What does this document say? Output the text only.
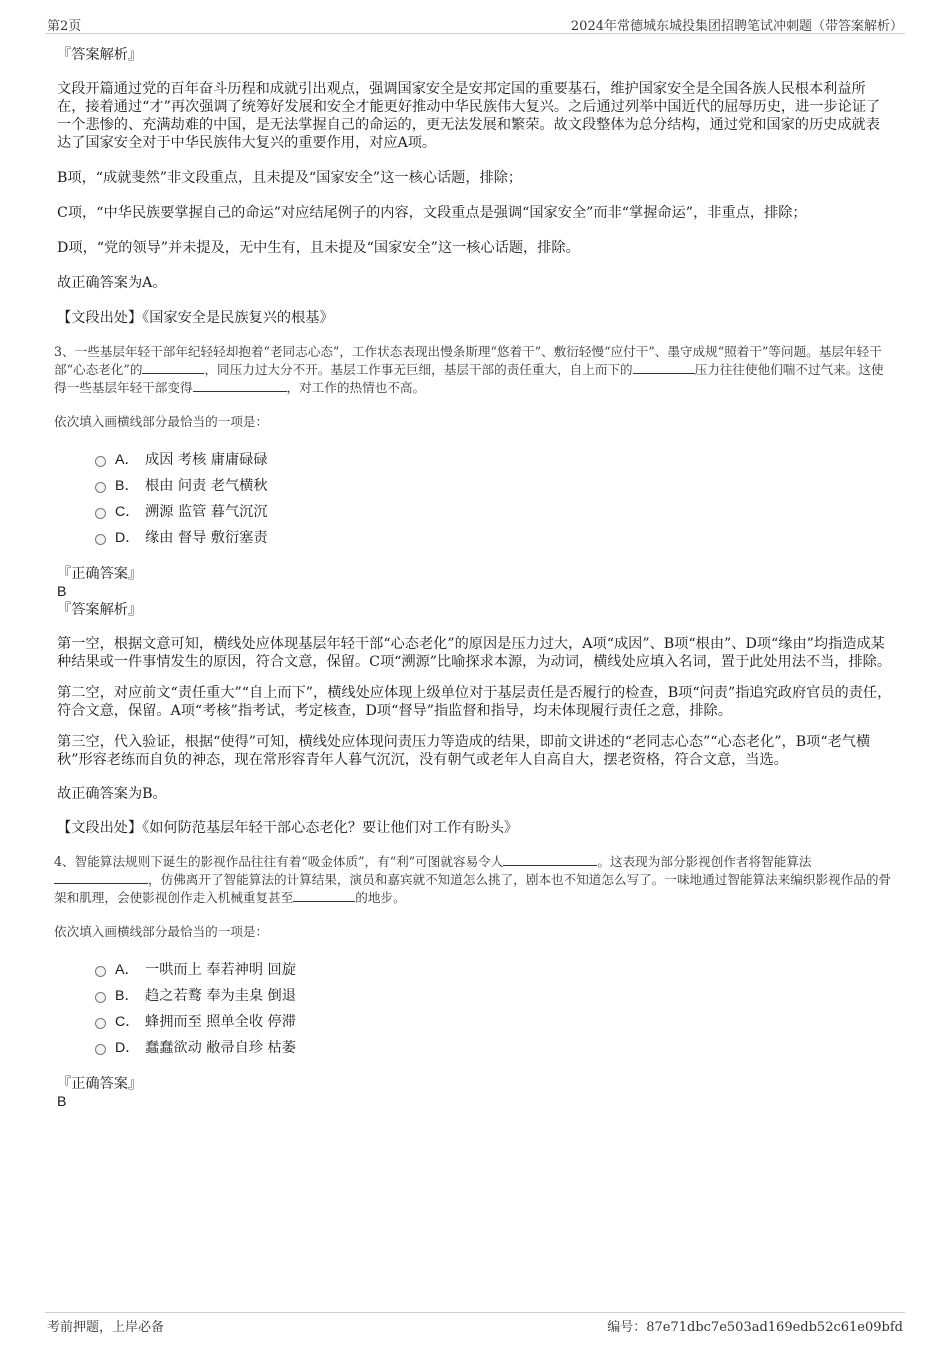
第2页	2024年常德城东城投集团招聘笔试冲刺题（带答案解析）
『答案解析』

文段开篇通过党的百年奋斗历程和成就引出观点，强调国家安全是安邦定国的重要基石，维护国家安全是全国各族人民根本利益所在，接着通过“才”再次强调了统筹好发展和安全才能更好推动中华民族伟大复兴。之后通过列举中国近代的屈辱历史，进一步论证了一个悲惨的、充满劫难的中国，是无法掌握自己的命运的，更无法发展和繁荣。故文段整体为总分结构，通过党和国家的历史成就表达了国家安全对于中华民族伟大复兴的重要作用，对应A项。

B项，“成就斐然”非文段重点，且未提及“国家安全”这一核心话题，排除；

C项，“中华民族要掌握自己的命运”对应结尾例子的内容，文段重点是强调“国家安全”而非“掌握命运”，非重点，排除；

D项，“党的领导”并未提及，无中生有，且未提及“国家安全”这一核心话题，排除。

故正确答案为A。

【文段出处】《国家安全是民族复兴的根基》

3、一些基层年轻干部年纪轻轻却抱着“老同志心态”，工作状态表现出慢条斯理“悠着干”、敷衍轻慢“应付干”、墨守成规“照着干”等问题。基层年轻干部“心态老化”的	，同压力过大分不开。基层工作事无巨细，基层干部的责任重大，自上而下的	压力往往使他们喘不过气来。这使得一些基层年轻干部变得	，对工作的热情也不高。

依次填入画横线部分最恰当的一项是：

A． 成因 考核 庸庸碌碌
B． 根由 问责 老气横秋
C． 溯源 监管 暮气沉沉
D． 缘由 督导 敷衍塞责
『正确答案』
B
『答案解析』

第一空，根据文意可知，横线处应体现基层年轻干部“心态老化”的原因是压力过大，A项“成因”、B项“根由”、D项“缘由”均指造成某种结果或一件事情发生的原因，符合文意，保留。C项“溯源”比喻探求本源，为动词，横线处应填入名词，置于此处用法不当，排除。

第二空，对应前文“责任重大”“自上而下”，横线处应体现上级单位对于基层责任是否履行的检查，B项“问责”指追究政府官员的责任，符合文意，保留。A项“考核”指考试，考定核查，D项“督导”指监督和指导，均未体现履行责任之意，排除。

第三空，代入验证，根据“使得”可知，横线处应体现问责压力等造成的结果，即前文讲述的“老同志心态”“心态老化”，B项“老气横秋”形容老练而自负的神态，现在常形容青年人暮气沉沉，没有朝气或老年人自高自大，摆老资格，符合文意，当选。

故正确答案为B。

【文段出处】《如何防范基层年轻干部心态老化？要让他们对工作有盼头》

4、智能算法规则下诞生的影视作品往往有着“吸金体质”，有“利”可图就容易令人	。这表现为部分影视创作者将智能算法，仿佛离开了智能算法的计算结果，演员和嘉宾就不知道怎么挑了，剧本也不知道怎么写了。一味地通过智能算法来编织影视作品的骨架和肌理，会使影视创作走入机械重复甚至	的地步。

依次填入画横线部分最恰当的一项是：

A． 一哄而上 奉若神明 回旋
B． 趋之若鹜 奉为圭臬 倒退
C． 蜂拥而至 照单全收 停滞
D． 蠢蠢欲动 敝帚自珍 枯萎
『正确答案』
B
考前押题，上岸必备	编号：87e71dbc7e503ad169edb52c61e09bfd
